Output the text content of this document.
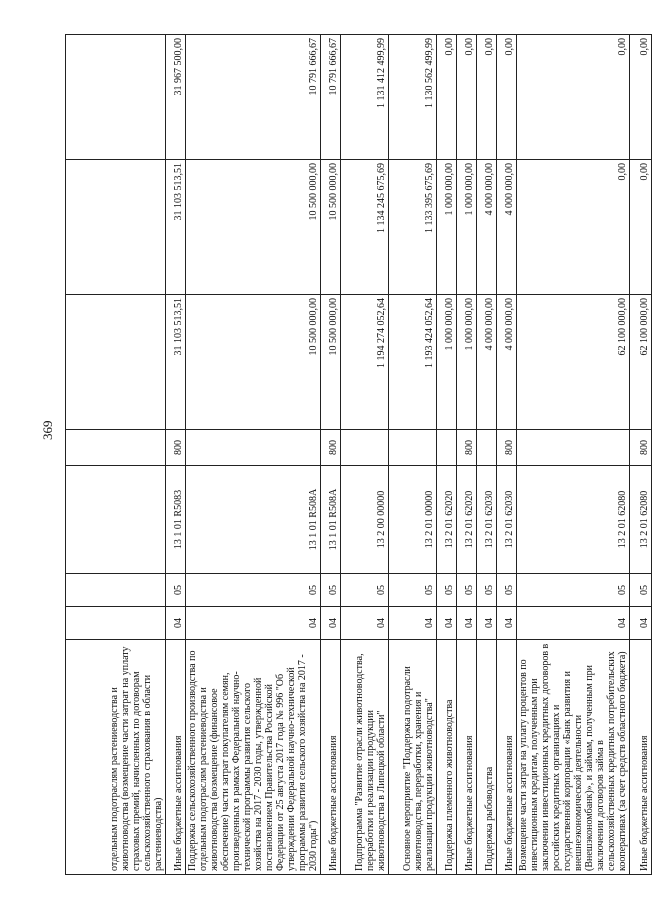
369
отдельным подотраслям растениеводства и животноводства (возмещение части затрат на уплату страховых премий, начисленных по договорам сельскохозяйственного страхования в области растениеводства)							
Иные бюджетные ассигнования	04	05	13 1 01 R5083	800	31 103 513,51	31 103 513,51	31 967 500,00
Поддержка сельскохозяйственного производства по отдельным подотраслям растениеводства и животноводства (возмещение (финансовое обеспечение) части затрат покупателям семян, произведенных в рамках Федеральной научно-технической программы развития сельского хозяйства на 2017 - 2030 годы, утвержденной постановлением Правительства Российской Федерации от 25 августа 2017 года № 996 "Об утверждении Федеральной научно-технической программы развития сельского хозяйства на 2017 - 2030 годы")	04	05	13 1 01 R508A		10 500 000,00	10 500 000,00	10 791 666,67
Иные бюджетные ассигнования	04	05	13 1 01 R508A	800	10 500 000,00	10 500 000,00	10 791 666,67
Подпрограмма "Развитие отрасли животноводства, переработки и реализации продукции животноводства в Липецкой области"	04	05	13 2 00 00000		1 194 274 052,64	1 134 245 675,69	1 131 412 499,99
Основное мероприятие "Поддержка подотрасли животноводства, переработки, хранения и реализации продукции животноводства"	04	05	13 2 01 00000		1 193 424 052,64	1 133 395 675,69	1 130 562 499,99
Поддержка племенного животноводства	04	05	13 2 01 62020		1 000 000,00	1 000 000,00	0,00
Иные бюджетные ассигнования	04	05	13 2 01 62020	800	1 000 000,00	1 000 000,00	0,00
Поддержка рыбоводства	04	05	13 2 01 62030		4 000 000,00	4 000 000,00	0,00
Иные бюджетные ассигнования	04	05	13 2 01 62030	800	4 000 000,00	4 000 000,00	0,00
Возмещение части затрат на уплату процентов по инвестиционным кредитам, полученным при заключении инвестиционных кредитных договоров в российских кредитных организациях и государственной корпорации «Банк развития и внешнеэкономической деятельности (Внешэкономбанк)», и займам, полученным при заключении договоров займа в сельскохозяйственных кредитных потребительских кооперативах (за счет средств областного бюджета)	04	05	13 2 01 62080		62 100 000,00	0,00	0,00
Иные бюджетные ассигнования	04	05	13 2 01 62080	800	62 100 000,00	0,00	0,00
